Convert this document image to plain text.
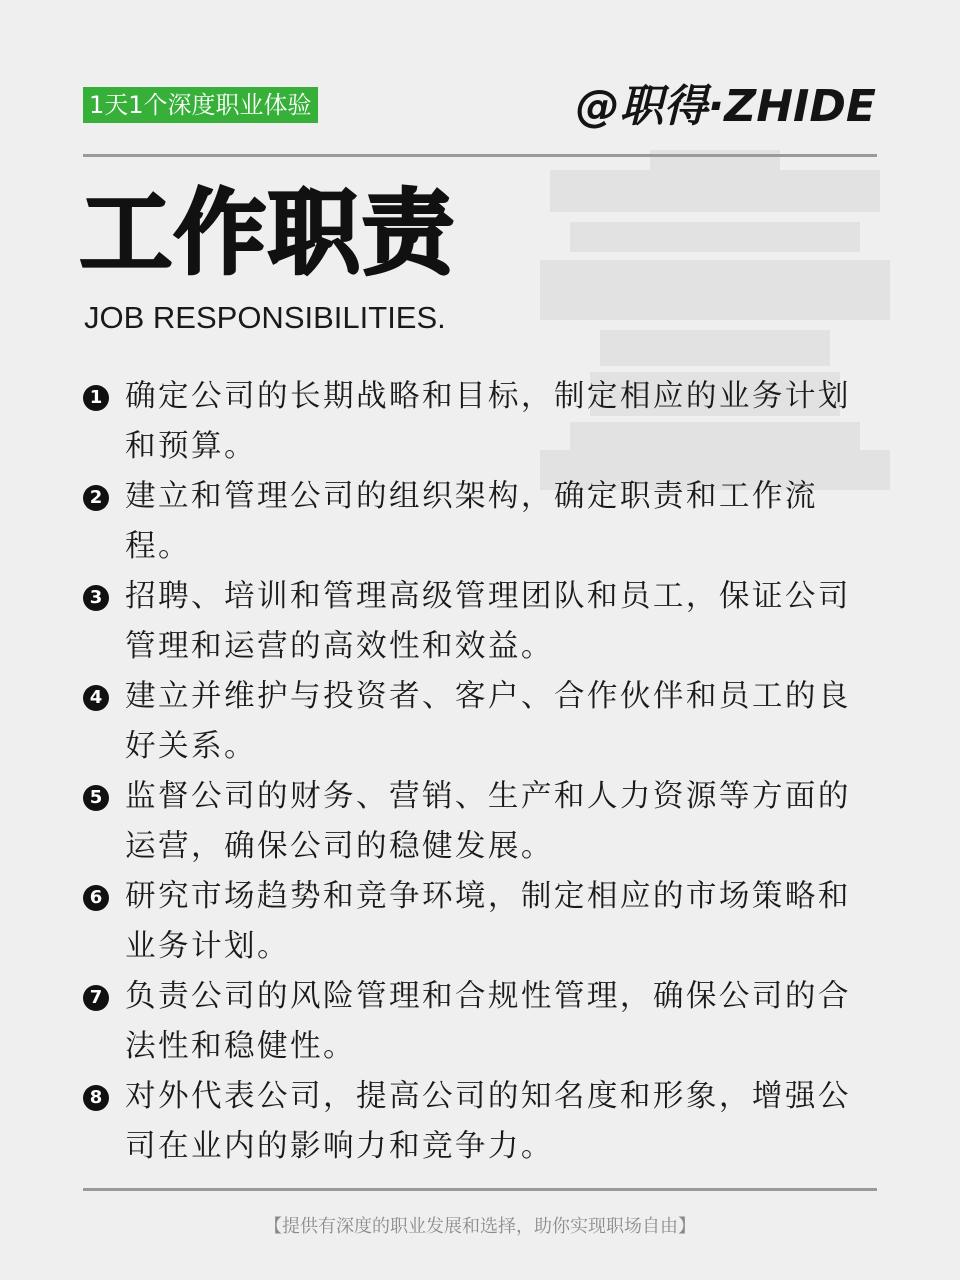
1天1个深度职业体验	@职得·ZHIDE
工作职责
JOB RESPONSIBILITIES.
1 确定公司的长期战略和目标，制定相应的业务计划和预算。
2 建立和管理公司的组织架构，确定职责和工作流程。
3 招聘、培训和管理高级管理团队和员工，保证公司管理和运营的高效性和效益。
4 建立并维护与投资者、客户、合作伙伴和员工的良好关系。
5 监督公司的财务、营销、生产和人力资源等方面的运营，确保公司的稳健发展。
6 研究市场趋势和竞争环境，制定相应的市场策略和业务计划。
7 负责公司的风险管理和合规性管理，确保公司的合法性和稳健性。
8 对外代表公司，提高公司的知名度和形象，增强公司在业内的影响力和竞争力。
【提供有深度的职业发展和选择，助你实现职场自由】
